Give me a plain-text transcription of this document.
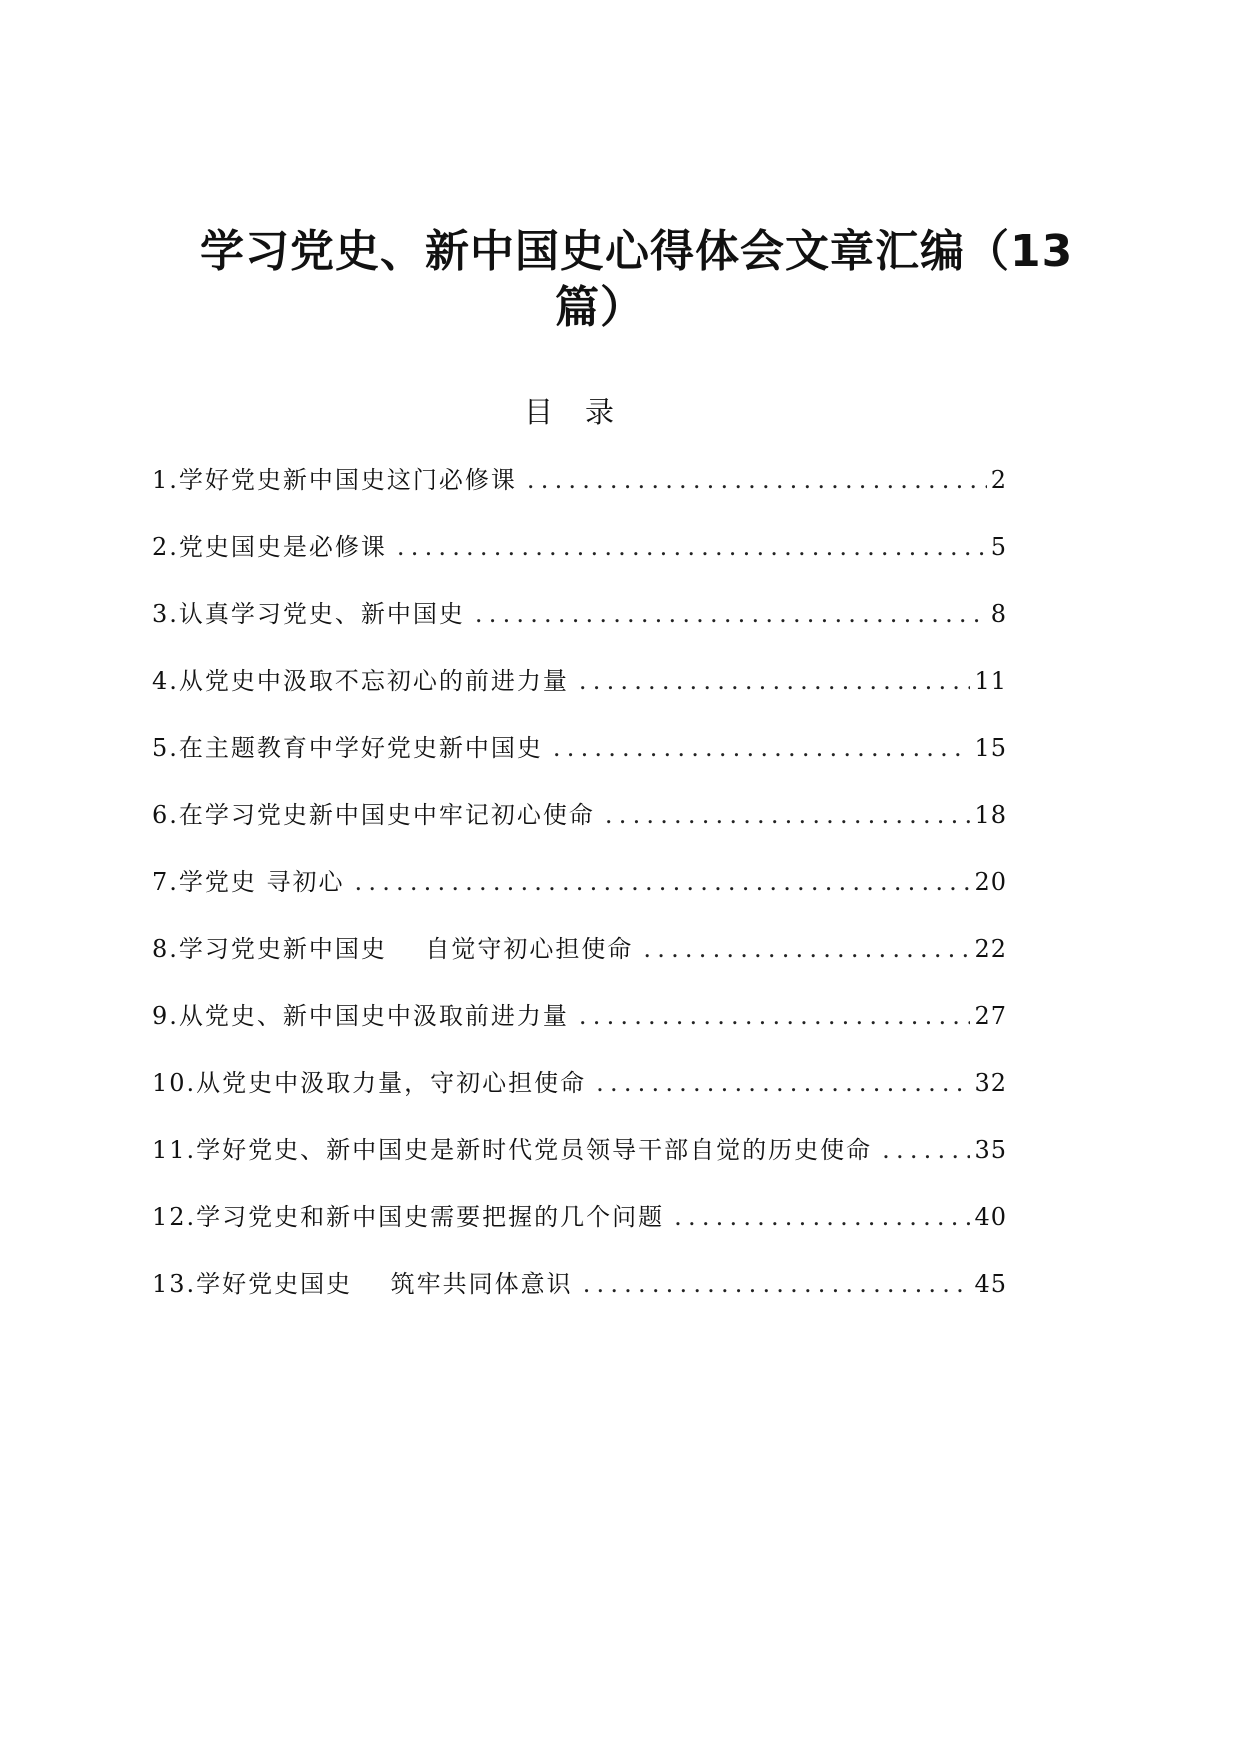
学习党史、新中国史心得体会文章汇编（13
篇）
目录
1.学好党史新中国史这门必修课 .....	2
2.党史国史是必修课 .....	5
3.认真学习党史、新中国史 .....	8
4.从党史中汲取不忘初心的前进力量 .....	11
5.在主题教育中学好党史新中国史 .....	15
6.在学习党史新中国史中牢记初心使命 .....	18
7.学党史 寻初心 .....	20
8.学习党史新中国史    自觉守初心担使命 .....	22
9.从党史、新中国史中汲取前进力量 .....	27
10.从党史中汲取力量，守初心担使命 .....	32
11.学好党史、新中国史是新时代党员领导干部自觉的历史使命 .....	35
12.学习党史和新中国史需要把握的几个问题 .....	40
13.学好党史国史    筑牢共同体意识 .....	45
